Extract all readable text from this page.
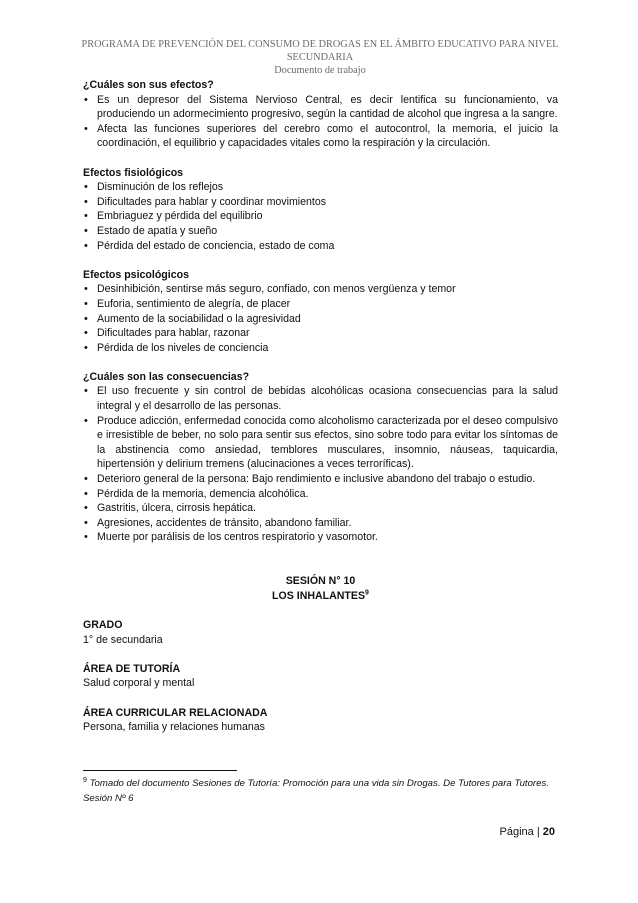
PROGRAMA DE PREVENCIÓN DEL CONSUMO DE DROGAS EN EL ÁMBITO EDUCATIVO PARA NIVEL SECUNDARIA
Documento de trabajo

¿Cuáles son sus efectos?

• Es un depresor del Sistema Nervioso Central, es decir lentifica su funcionamiento, va produciendo un adormecimiento progresivo, según la cantidad de alcohol que ingresa a la sangre.
• Afecta las funciones superiores del cerebro como el autocontrol, la memoria, el juicio la coordinación, el equilibrio y capacidades vitales como la respiración y la circulación.

Efectos fisiológicos

• Disminución de los reflejos
• Dificultades para hablar y coordinar movimientos
• Embriaguez y pérdida del equilibrio
• Estado de apatía y sueño
• Pérdida del estado de conciencia, estado de coma

Efectos psicológicos

• Desinhibición, sentirse más seguro, confiado, con menos vergüenza y temor
• Euforia, sentimiento de alegría, de placer
• Aumento de la sociabilidad o la agresividad
• Dificultades para hablar, razonar
• Pérdida de los niveles de conciencia

¿Cuáles son las consecuencias?

• El uso frecuente y sin control de bebidas alcohólicas ocasiona consecuencias para la salud integral y el desarrollo de las personas.
• Produce adicción, enfermedad conocida como alcoholismo caracterizada por el deseo compulsivo e irresistible de beber, no solo para sentir sus efectos, sino sobre todo para evitar los síntomas de la abstinencia como ansiedad, temblores musculares, insomnio, náuseas, taquicardia, hipertensión y delirium tremens (alucinaciones a veces terroríficas).
• Deterioro general de la persona: Bajo rendimiento e inclusive abandono del trabajo o estudio.
• Pérdida de la memoria, demencia alcohólica.
• Gastritis, úlcera, cirrosis hepática.
• Agresiones, accidentes de tránsito, abandono familiar.
• Muerte por parálisis de los centros respiratorio y vasomotor.
SESIÓN N° 10
LOS INHALANTES$^9$

GRADO

1° de secundaria

ÁREA DE TUTORÍA

Salud corporal y mental

ÁREA CURRICULAR RELACIONADA

Persona, familia y relaciones humanas
$^9$ Tomado del documento Sesiones de Tutoría: Promoción para una vida sin Drogas. De Tutores para Tutores.
Sesión Nº 6
Página | 20
